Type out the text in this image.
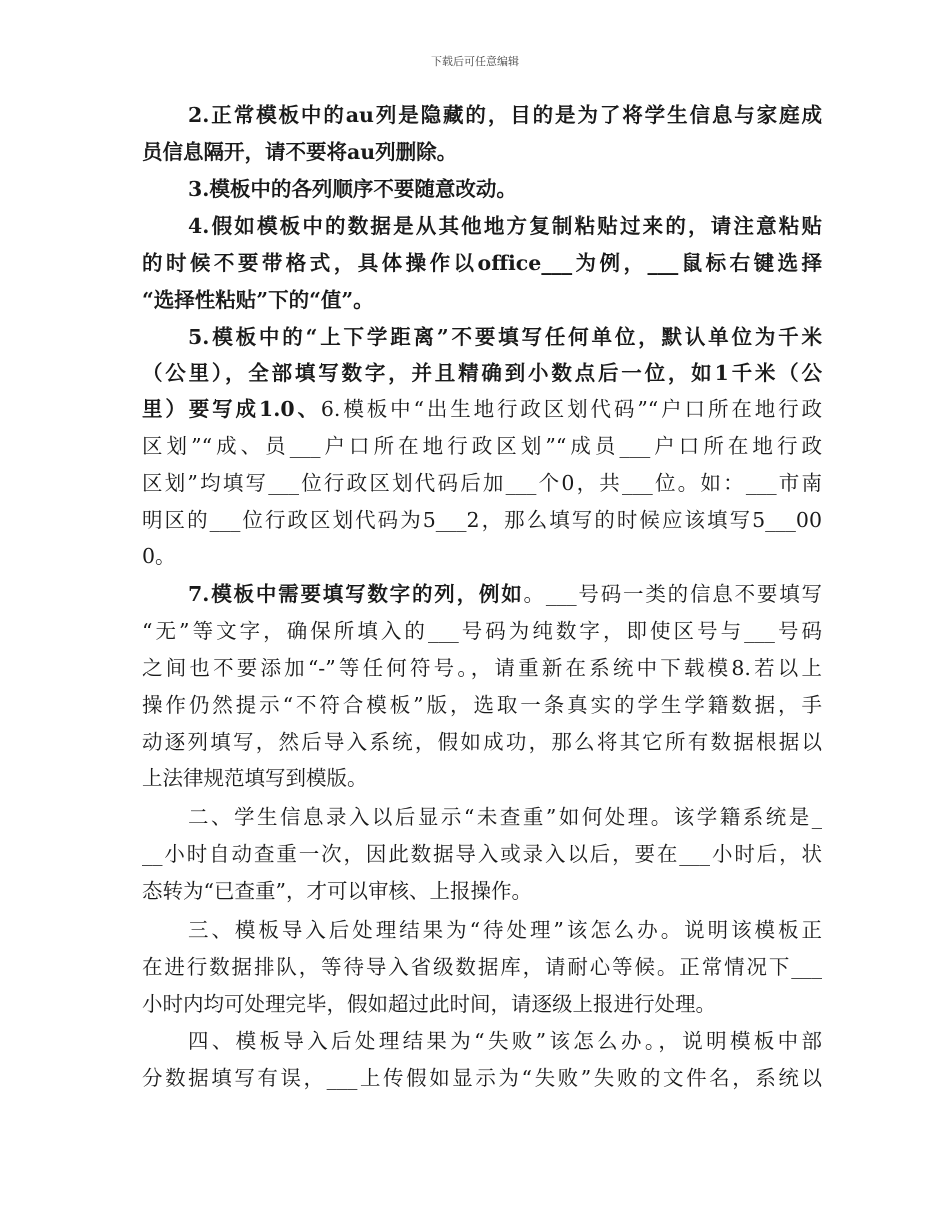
下载后可任意编辑
2.正常模板中的au列是隐藏的，目的是为了将学生信息与家庭成
员信息隔开，请不要将au列删除。
3.模板中的各列顺序不要随意改动。
4.假如模板中的数据是从其他地方复制粘贴过来的，请注意粘贴
的时候不要带格式，具体操作以office___为例，___鼠标右键选择
“选择性粘贴”下的“值”。
5.模板中的“上下学距离”不要填写任何单位，默认单位为千米
（公里），全部填写数字，并且精确到小数点后一位，如1千米（公
里）要写成1.0、6.模板中“出生地行政区划代码”“户口所在地行政
区划”“成、员___户口所在地行政区划”“成员___户口所在地行政
区划”均填写___位行政区划代码后加___个0，共___位。如：___市南
明区的___位行政区划代码为5___2，那么填写的时候应该填写5___00
0。
7.模板中需要填写数字的列，例如。___号码一类的信息不要填写
“无”等文字，确保所填入的___号码为纯数字，即使区号与___号码
之间也不要添加“-”等任何符号。，请重新在系统中下载模8.若以上
操作仍然提示“不符合模板”版，选取一条真实的学生学籍数据，手
动逐列填写，然后导入系统，假如成功，那么将其它所有数据根据以
上法律规范填写到模版。
二、学生信息录入以后显示“未查重”如何处理。该学籍系统是_
__小时自动查重一次，因此数据导入或录入以后，要在___小时后，状
态转为“已查重”，才可以审核、上报操作。
三、模板导入后处理结果为“待处理”该怎么办。说明该模板正
在进行数据排队，等待导入省级数据库，请耐心等候。正常情况下___
小时内均可处理完毕，假如超过此时间，请逐级上报进行处理。
四、模板导入后处理结果为“失败”该怎么办。，说明模板中部
分数据填写有误，___上传假如显示为“失败”失败的文件名，系统以
